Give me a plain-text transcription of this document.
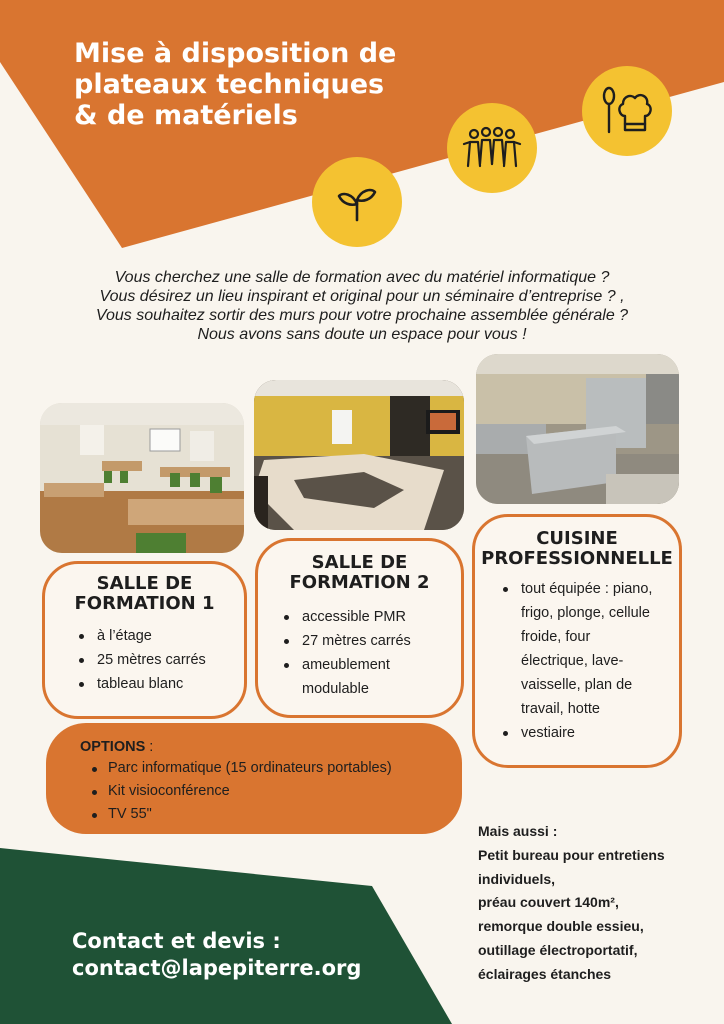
Mise à disposition de
plateaux techniques
& de matériels
Vous cherchez une salle de formation avec du matériel informatique ?
Vous désirez un lieu inspirant et original pour un séminaire d’entreprise ? ,
Vous souhaitez sortir des murs pour votre prochaine assemblée générale ?
Nous avons sans doute un espace pour vous !
SALLE DE
FORMATION 1
à l’étage
25 mètres carrés
tableau blanc
SALLE DE
FORMATION 2
accessible PMR
27 mètres carrés
ameublement
modulable
CUISINE
PROFESSIONNELLE
tout équipée : piano,
frigo, plonge, cellule
froide, four
électrique, lave-
vaisselle, plan de
travail, hotte
vestiaire
OPTIONS :
Parc informatique (15 ordinateurs portables)
Kit visioconférence
TV 55"
Mais aussi :
Petit bureau pour entretiens
individuels,
préau couvert 140m²,
remorque double essieu,
outillage électroportatif,
éclairages étanches
Contact et devis :
contact@lapepiterre.org
